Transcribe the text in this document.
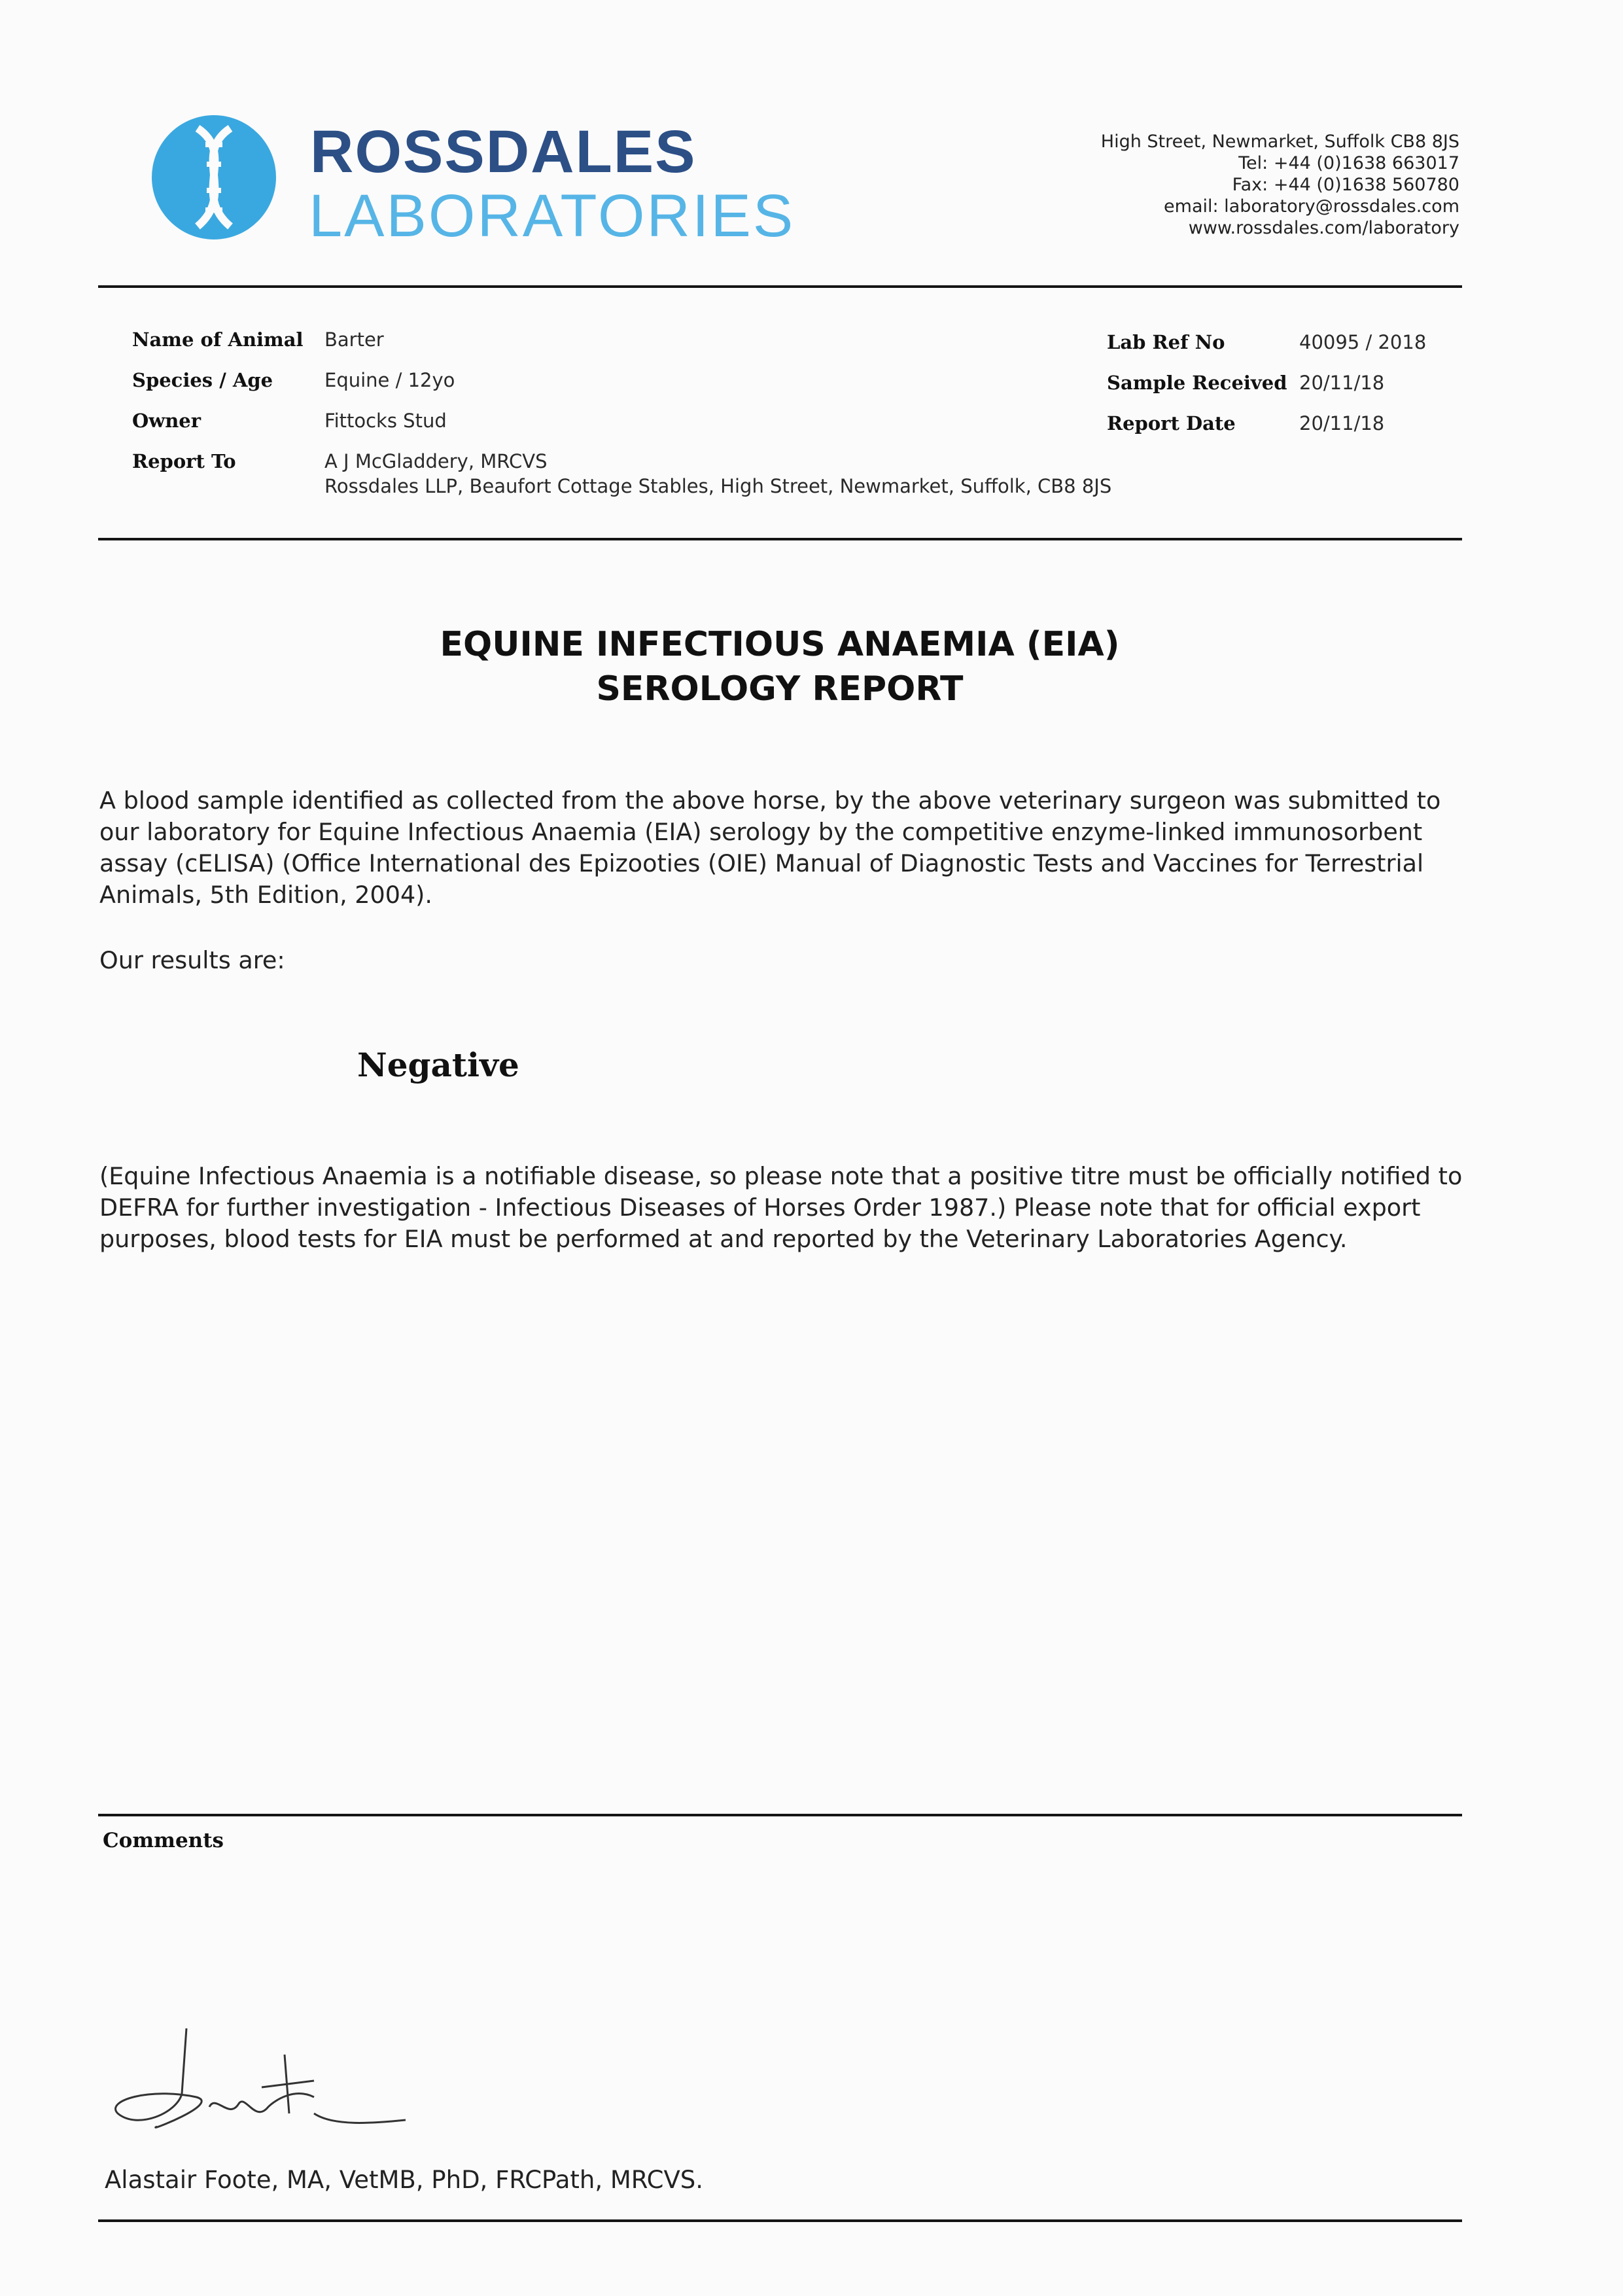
ROSSDALES
LABORATORIES
High Street, Newmarket, Suffolk CB8 8JS
Tel: +44 (0)1638 663017
Fax: +44 (0)1638 560780
email: laboratory@rossdales.com
www.rossdales.com/laboratory
Name of Animal Barter
Species / Age	Equine / 12yo
Owner	Fittocks Stud
Report To	A J McGladdery, MRCVS
Rossdales LLP, Beaufort Cottage Stables, High Street, Newmarket, Suffolk, CB8 8JS
Lab Ref No	40095 / 2018
Sample Received 20/11/18
Report Date	20/11/18
EQUINE INFECTIOUS ANAEMIA (EIA)
SEROLOGY REPORT
A blood sample identified as collected from the above horse, by the above veterinary surgeon was submitted to our laboratory for Equine Infectious Anaemia (EIA) serology by the competitive enzyme-linked immunosorbent assay (cELISA) (Office International des Epizooties (OIE) Manual of Diagnostic Tests and Vaccines for Terrestrial Animals, 5th Edition, 2004).
Our results are:
Negative
(Equine Infectious Anaemia is a notifiable disease, so please note that a positive titre must be officially notified to DEFRA for further investigation - Infectious Diseases of Horses Order 1987.) Please note that for official export purposes, blood tests for EIA must be performed at and reported by the Veterinary Laboratories Agency.
Comments
Alastair Foote, MA, VetMB, PhD, FRCPath, MRCVS.
